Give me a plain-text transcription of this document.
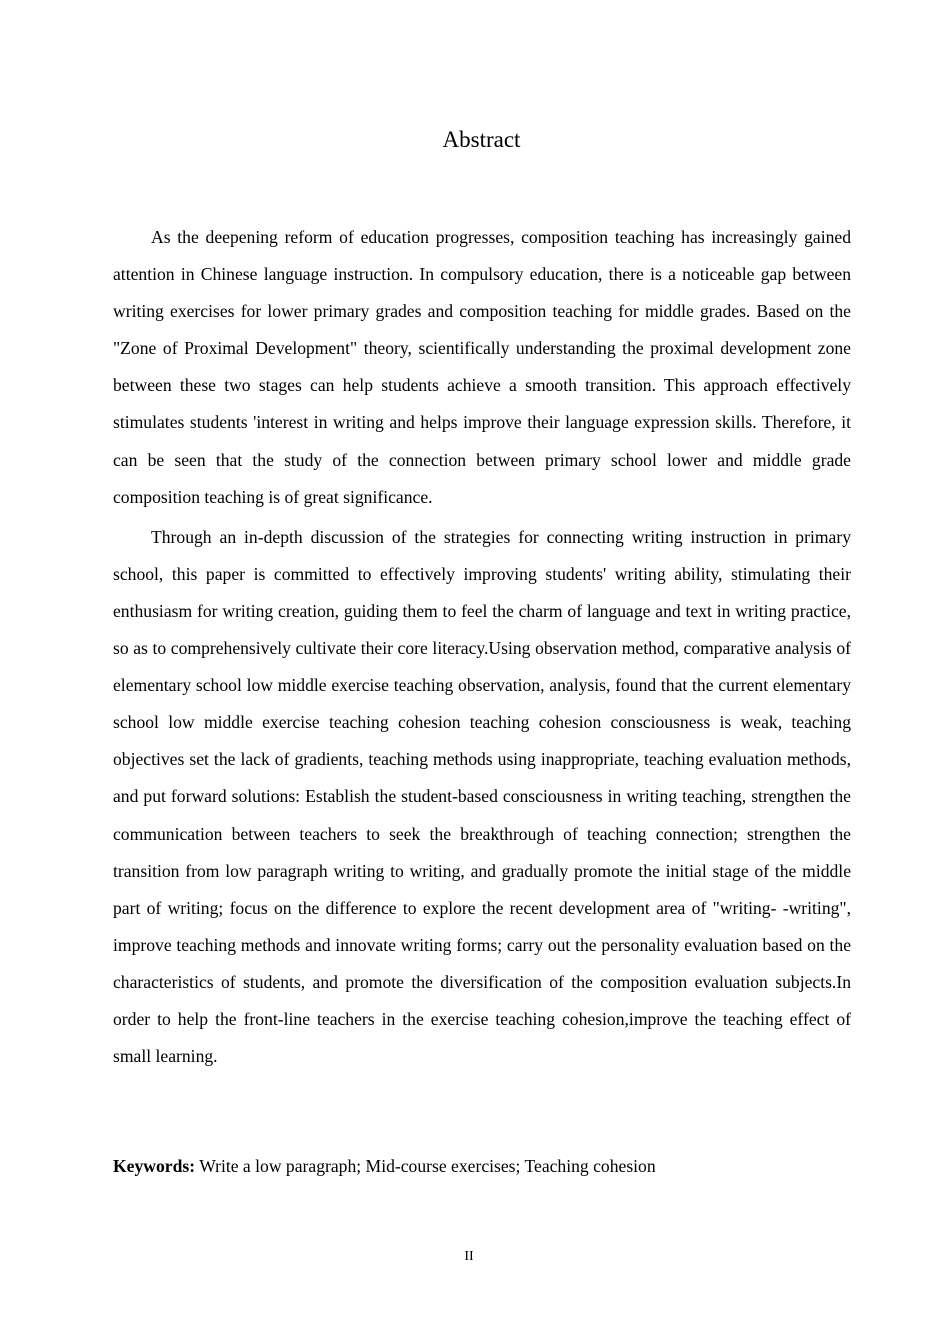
Abstract

As the deepening reform of education progresses, composition teaching has increasingly gained attention in Chinese language instruction. In compulsory education, there is a noticeable gap between writing exercises for lower primary grades and composition teaching for middle grades. Based on the "Zone of Proximal Development" theory, scientifically understanding the proximal development zone between these two stages can help students achieve a smooth transition. This approach effectively stimulates students 'interest in writing and helps improve their language expression skills. Therefore, it can be seen that the study of the connection between primary school lower and middle grade composition teaching is of great significance.

Through an in-depth discussion of the strategies for connecting writing instruction in primary school, this paper is committed to effectively improving students' writing ability, stimulating their enthusiasm for writing creation, guiding them to feel the charm of language and text in writing practice, so as to comprehensively cultivate their core literacy.Using observation method, comparative analysis of elementary school low middle exercise teaching observation, analysis, found that the current elementary school low middle exercise teaching cohesion teaching cohesion consciousness is weak, teaching objectives set the lack of gradients, teaching methods using inappropriate, teaching evaluation methods, and put forward solutions: Establish the student-based consciousness in writing teaching, strengthen the communication between teachers to seek the breakthrough of teaching connection; strengthen the transition from low paragraph writing to writing, and gradually promote the initial stage of the middle part of writing; focus on the difference to explore the recent development area of "writing- -writing", improve teaching methods and innovate writing forms; carry out the personality evaluation based on the characteristics of students, and promote the diversification of the composition evaluation subjects.In order to help the front-line teachers in the exercise teaching cohesion,improve the teaching effect of small learning.

Keywords: Write a low paragraph; Mid-course exercises; Teaching cohesion
II
